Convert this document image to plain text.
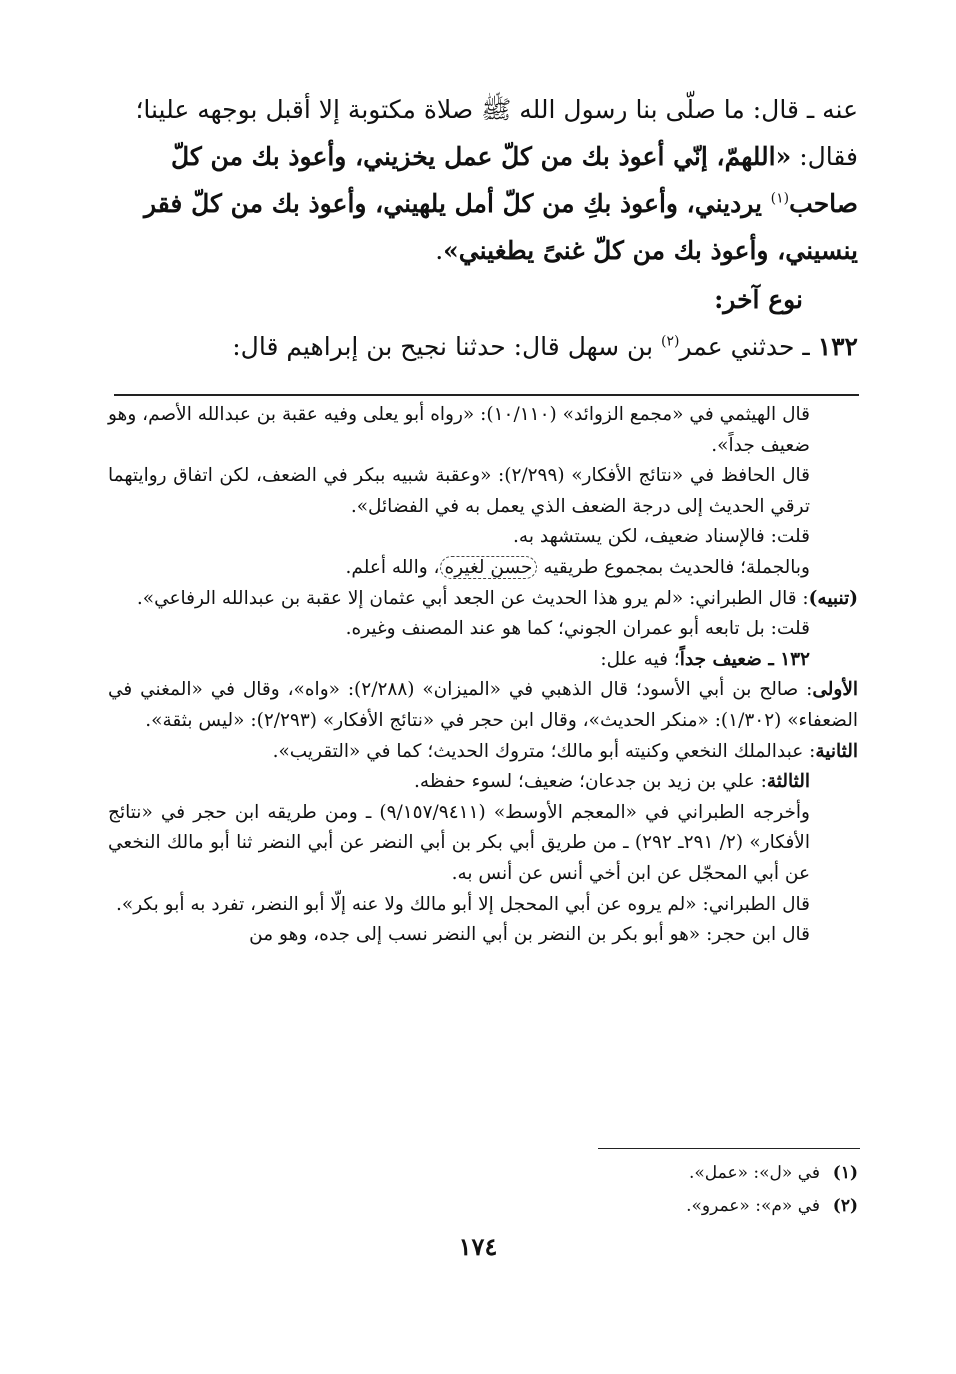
عنه ـ قال: ما صلّى بنا رسول الله ﷺ صلاة مكتوبة إلا أقبل بوجهه علينا؛
فقال: «اللهمّ، إنّي أعوذ بك من كلّ عمل يخزيني، وأعوذ بك من كلّ
صاحب$^{(١)}$ يرديني، وأعوذ بكِ من كلّ أمل يلهيني، وأعوذ بك من كلّ فقر
ينسيني، وأعوذ بك من كلّ غنىً يطغيني».
نوع آخر:
١٣٢ ـ حدثني عمر$^{(٢)}$ بن سهل قال: حدثنا نجيح بن إبراهيم قال:

قال الهيثمي في «مجمع الزوائد» (١٠/١١٠): «رواه أبو يعلى وفيه عقبة بن عبدالله الأصم، وهو ضعيف جداً».

قال الحافظ في «نتائج الأفكار» (٢/٢٩٩): «وعقبة شبيه ببكر في الضعف، لكن اتفاق روايتهما ترقي الحديث إلى درجة الضعف الذي يعمل به في الفضائل».

قلت: فالإسناد ضعيف، لكن يستشهد به.

وبالجملة؛ فالحديث بمجموع طريقيه حسن لغيره، والله أعلم.

(تنبيه): قال الطبراني: «لم يرو هذا الحديث عن الجعد أبي عثمان إلا عقبة بن عبدالله الرفاعي».

قلت: بل تابعه أبو عمران الجوني؛ كما هو عند المصنف وغيره.

١٣٢ ـ ضعيف جداً؛ فيه علل:

الأولى: صالح بن أبي الأسود؛ قال الذهبي في «الميزان» (٢/٢٨٨): «واه»، وقال في «المغني في الضعفاء» (١/٣٠٢): «منكر الحديث»، وقال ابن حجر في «نتائج الأفكار» (٢/٢٩٣): «ليس بثقة».

الثانية: عبدالملك النخعي وكنيته أبو مالك؛ متروك الحديث؛ كما في «التقريب».

الثالثة: علي بن زيد بن جدعان؛ ضعيف؛ لسوء حفظه.

وأخرجه الطبراني في «المعجم الأوسط» (٩/١٥٧/٩٤١١) ـ ومن طريقه ابن حجر في «نتائج الأفكار» (٢/ ٢٩١ـ ٢٩٢) ـ من طريق أبي بكر بن أبي النضر عن أبي النضر ثنا أبو مالك النخعي عن أبي المحجّل عن ابن أخي أنس عن أنس به.

قال الطبراني: «لم يروه عن أبي المحجل إلا أبو مالك ولا عنه إلّا أبو النضر، تفرد به أبو بكر».

قال ابن حجر: «هو أبو بكر بن النضر بن أبي النضر نسب إلى جده، وهو من

(١)في «ل»: «عمل».
(٢)في «م»: «عمرو».
١٧٤
